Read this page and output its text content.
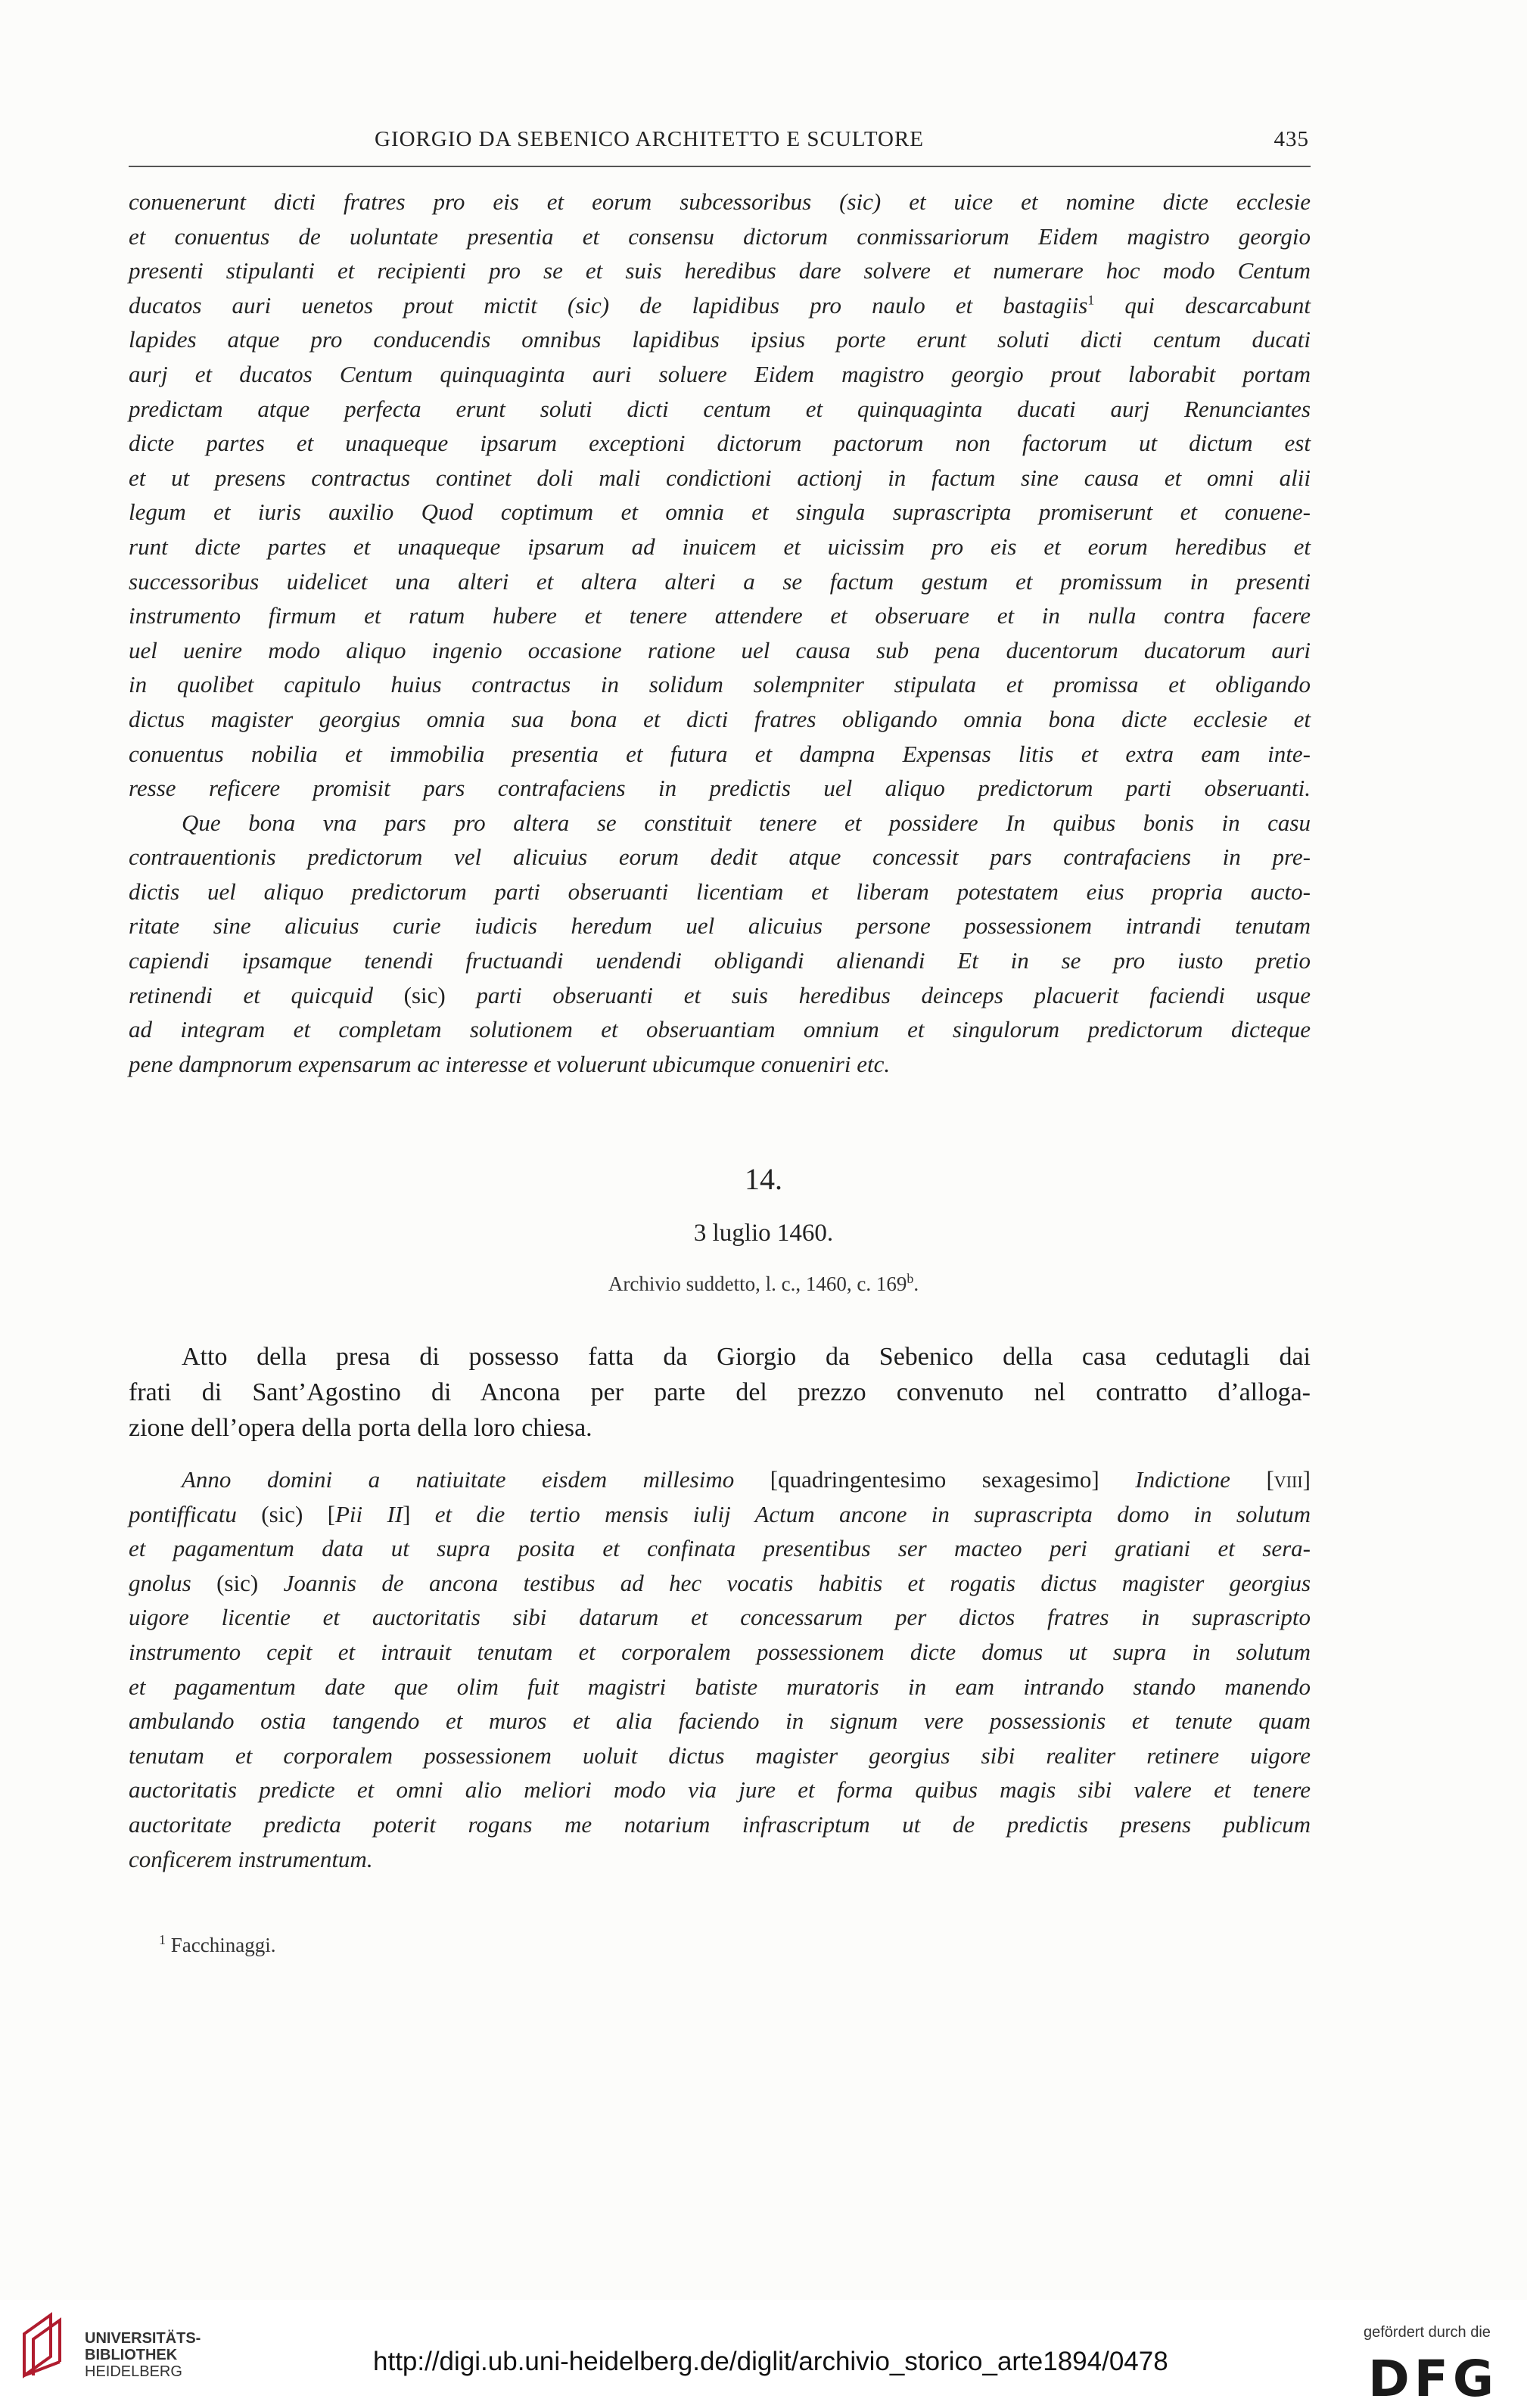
GIORGIO DA SEBENICO ARCHITETTO E SCULTORE	435
conuenerunt dicti fratres pro eis et eorum subcessoribus (sic) et uice et nomine dicte ecclesie
et conuentus de uoluntate presentia et consensu dictorum conmissariorum Eidem magistro georgio
presenti stipulanti et recipienti pro se et suis heredibus dare solvere et numerare hoc modo Centum
ducatos auri uenetos prout mictit (sic) de lapidibus pro naulo et bastagiis$^1$ qui descarcabunt
lapides atque pro conducendis omnibus lapidibus ipsius porte erunt soluti dicti centum ducati
aurj et ducatos Centum quinquaginta auri soluere Eidem magistro georgio prout laborabit portam
predictam atque perfecta erunt soluti dicti centum et quinquaginta ducati aurj Renunciantes
dicte partes et unaqueque ipsarum exceptioni dictorum pactorum non factorum ut dictum est
et ut presens contractus continet doli mali condictioni actionj in factum sine causa et omni alii
legum et iuris auxilio Quod coptimum et omnia et singula suprascripta promiserunt et conuene-
runt dicte partes et unaqueque ipsarum ad inuicem et uicissim pro eis et eorum heredibus et
successoribus uidelicet una alteri et altera alteri a se factum gestum et promissum in presenti
instrumento firmum et ratum hubere et tenere attendere et obseruare et in nulla contra facere
uel uenire modo aliquo ingenio occasione ratione uel causa sub pena ducentorum ducatorum auri
in quolibet capitulo huius contractus in solidum solempniter stipulata et promissa et obligando
dictus magister georgius omnia sua bona et dicti fratres obligando omnia bona dicte ecclesie et
conuentus nobilia et immobilia presentia et futura et dampna Expensas litis et extra eam inte-
resse reficere promisit pars contrafaciens in predictis uel aliquo predictorum parti obseruanti.
Que bona vna pars pro altera se constituit tenere et possidere In quibus bonis in casu
contrauentionis predictorum vel alicuius eorum dedit atque concessit pars contrafaciens in pre-
dictis uel aliquo predictorum parti obseruanti licentiam et liberam potestatem eius propria aucto-
ritate sine alicuius curie iudicis heredum uel alicuius persone possessionem intrandi tenutam
capiendi ipsamque tenendi fructuandi uendendi obligandi alienandi Et in se pro iusto pretio
retinendi et quicquid (sic) parti obseruanti et suis heredibus deinceps placuerit faciendi usque
ad integram et completam solutionem et obseruantiam omnium et singulorum predictorum dicteque
pene dampnorum expensarum ac interesse et voluerunt ubicumque conueniri etc.
14.
3 luglio 1460.
Archivio suddetto, l. c., 1460, c. 169$^b$.
Atto della presa di possesso fatta da Giorgio da Sebenico della casa cedutagli dai
frati di Sant’Agostino di Ancona per parte del prezzo convenuto nel contratto d’alloga-
zione dell’opera della porta della loro chiesa.
Anno domini a natiuitate eisdem millesimo [quadringentesimo sexagesimo] Indictione [viii]
pontifficatu (sic) [Pii II] et die tertio mensis iulij Actum ancone in suprascripta domo in solutum
et pagamentum data ut supra posita et confinata presentibus ser macteo peri gratiani et sera-
gnolus (sic) Joannis de ancona testibus ad hec vocatis habitis et rogatis dictus magister georgius
uigore licentie et auctoritatis sibi datarum et concessarum per dictos fratres in suprascripto
instrumento cepit et intrauit tenutam et corporalem possessionem dicte domus ut supra in solutum
et pagamentum date que olim fuit magistri batiste muratoris in eam intrando stando manendo
ambulando ostia tangendo et muros et alia faciendo in signum vere possessionis et tenute quam
tenutam et corporalem possessionem uoluit dictus magister georgius sibi realiter retinere uigore
auctoritatis predicte et omni alio meliori modo via jure et forma quibus magis sibi valere et tenere
auctoritate predicta poterit rogans me notarium infrascriptum ut de predictis presens publicum
conficerem instrumentum.
$^1$ Facchinaggi.
UNIVERSITÄTS-
BIBLIOTHEK
HEIDELBERG	http://digi.ub.uni-heidelberg.de/diglit/archivio_storico_arte1894/0478
gefördert durch die
DFG
